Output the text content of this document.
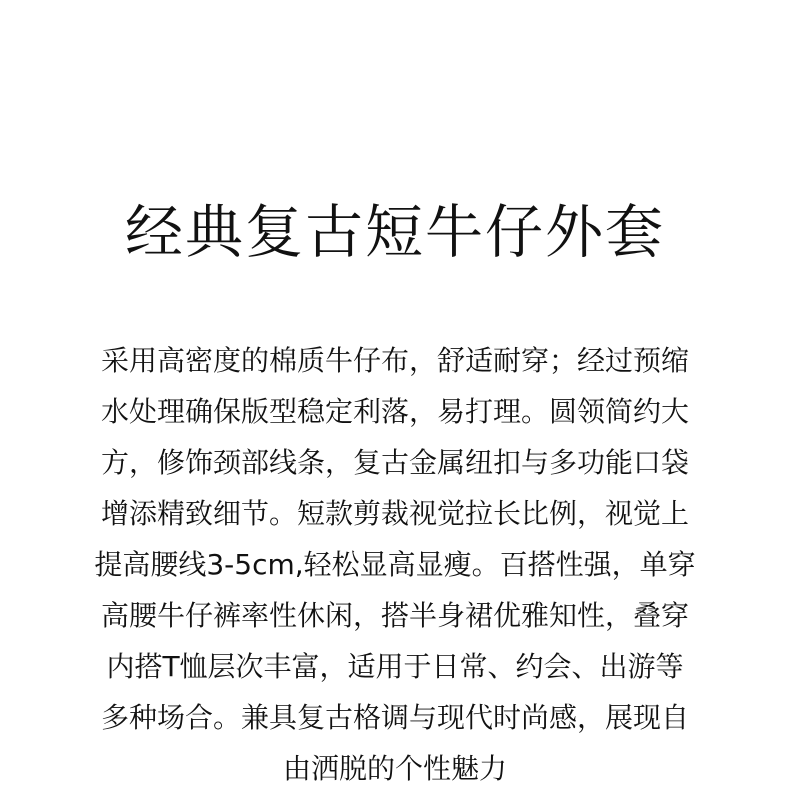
经典复古短牛仔外套

采用高密度的棉质牛仔布，舒适耐穿；经过预缩
水处理确保版型稳定利落，易打理。圆领简约大
方，修饰颈部线条，复古金属纽扣与多功能口袋
增添精致细节。短款剪裁视觉拉长比例，视觉上
提高腰线3-5cm,轻松显高显瘦。百搭性强，单穿
高腰牛仔裤率性休闲，搭半身裙优雅知性，叠穿
内搭T恤层次丰富，适用于日常、约会、出游等
多种场合。兼具复古格调与现代时尚感，展现自
由洒脱的个性魅力
